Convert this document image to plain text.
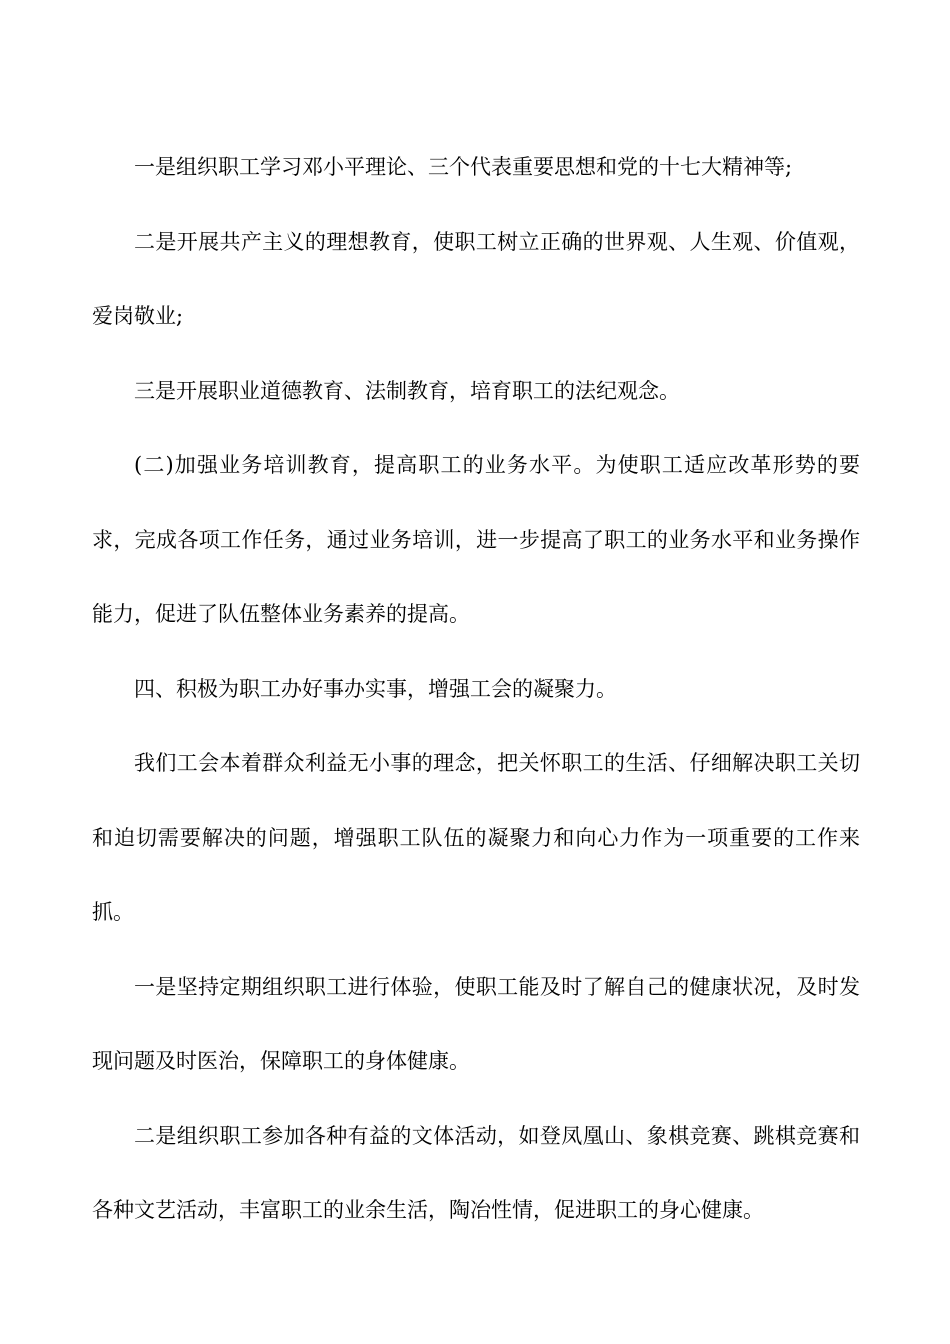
一是组织职工学习邓小平理论、三个代表重要思想和党的十七大精神等;

二是开展共产主义的理想教育，使职工树立正确的世界观、人生观、价值观，爱岗敬业;

三是开展职业道德教育、法制教育，培育职工的法纪观念。

(二)加强业务培训教育，提高职工的业务水平。为使职工适应改革形势的要求，完成各项工作任务，通过业务培训，进一步提高了职工的业务水平和业务操作能力，促进了队伍整体业务素养的提高。

四、积极为职工办好事办实事，增强工会的凝聚力。

我们工会本着群众利益无小事的理念，把关怀职工的生活、仔细解决职工关切和迫切需要解决的问题，增强职工队伍的凝聚力和向心力作为一项重要的工作来抓。

一是坚持定期组织职工进行体验，使职工能及时了解自己的健康状况，及时发现问题及时医治，保障职工的身体健康。

二是组织职工参加各种有益的文体活动，如登凤凰山、象棋竞赛、跳棋竞赛和各种文艺活动，丰富职工的业余生活，陶冶性情，促进职工的身心健康。
